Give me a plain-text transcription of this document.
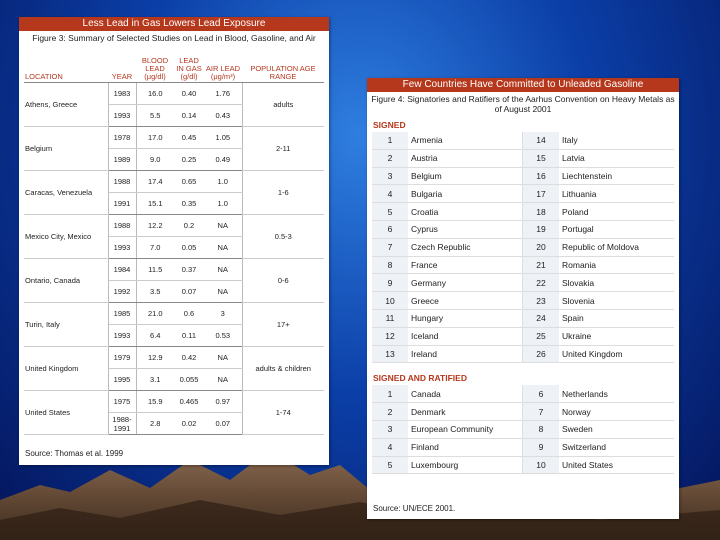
Less Lead in Gas Lowers Lead Exposure
Figure 3: Summary of Selected Studies on Lead in Blood, Gasoline, and Air
LOCATION	YEAR	BLOOD LEAD (μg/dl)	LEAD IN GAS (g/dl)	AIR LEAD (μg/m³)	POPULATION AGE RANGE
Athens, Greece	1983	16.0	0.40	1.76	adults
	1993	5.5	0.14	0.43	
Belgium	1978	17.0	0.45	1.05	2-11
	1989	9.0	0.25	0.49	
Caracas, Venezuela	1988	17.4	0.65	1.0	1-6
	1991	15.1	0.35	1.0	
Mexico City, Mexico	1988	12.2	0.2	NA	0.5-3
	1993	7.0	0.05	NA	
Ontario, Canada	1984	11.5	0.37	NA	0-6
	1992	3.5	0.07	NA	
Turin, Italy	1985	21.0	0.6	3	17+
	1993	6.4	0.11	0.53	
United Kingdom	1979	12.9	0.42	NA	adults & children
	1995	3.1	0.055	NA	
United States	1975	15.9	0.465	0.97	1-74
	1988-1991	2.8	0.02	0.07	
Source: Thomas et al. 1999
Few Countries Have Committed to Unleaded Gasoline
Figure 4: Signatories and Ratifiers of the Aarhus Convention on Heavy Metals as of August 2001
SIGNED
1	Armenia	14	Italy
2	Austria	15	Latvia
3	Belgium	16	Liechtenstein
4	Bulgaria	17	Lithuania
5	Croatia	18	Poland
6	Cyprus	19	Portugal
7	Czech Republic	20	Republic of Moldova
8	France	21	Romania
9	Germany	22	Slovakia
10	Greece	23	Slovenia
11	Hungary	24	Spain
12	Iceland	25	Ukraine
13	Ireland	26	United Kingdom
SIGNED AND RATIFIED
1	Canada	6	Netherlands
2	Denmark	7	Norway
3	European Community	8	Sweden
4	Finland	9	Switzerland
5	Luxembourg	10	United States
Source: UN/ECE 2001.
